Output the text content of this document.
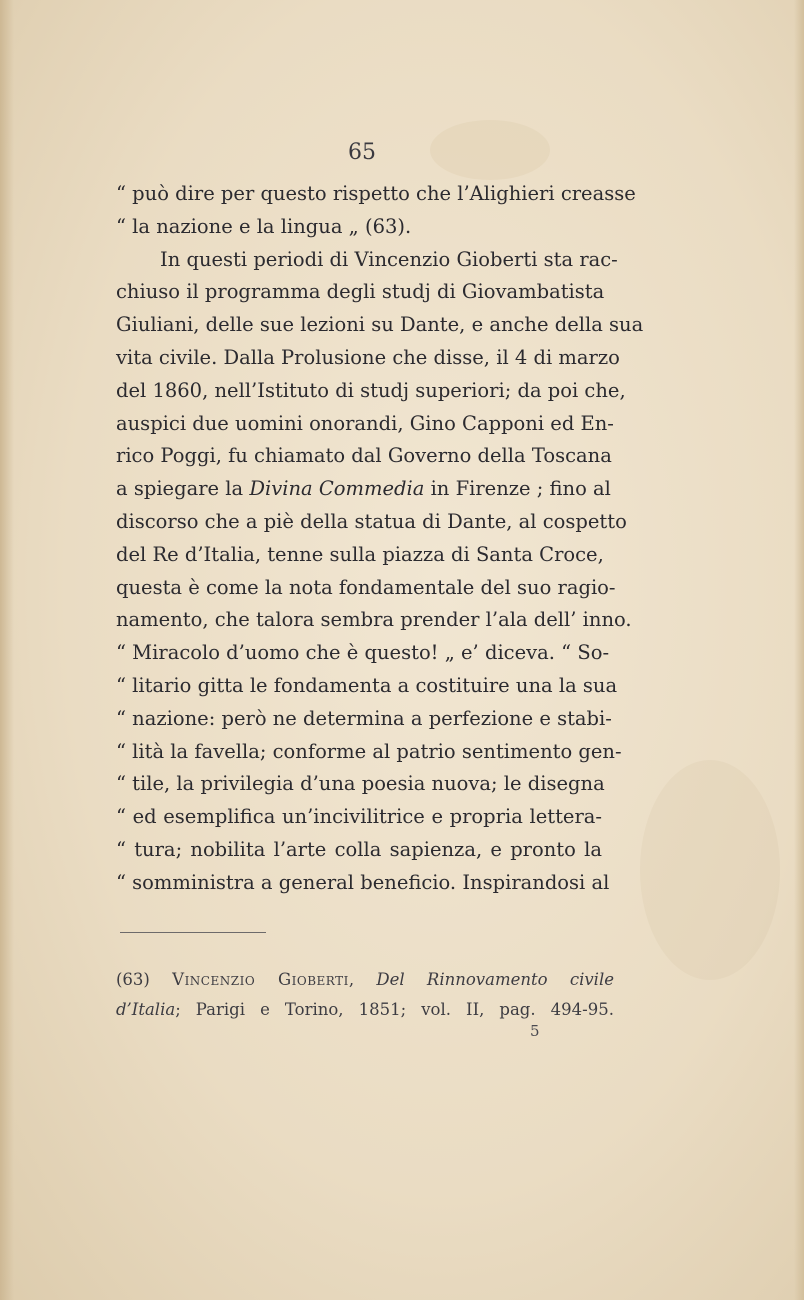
65
“ può dire per questo rispetto che l’Alighieri creasse
“ la nazione e la lingua „ (63).
In questi periodi di Vincenzio Gioberti sta rac-
chiuso il programma degli studj di Giovambatista
Giuliani, delle sue lezioni su Dante, e anche della sua
vita civile. Dalla Prolusione che disse, il 4 di marzo
del 1860, nell’Istituto di studj superiori; da poi che,
auspici due uomini onorandi, Gino Capponi ed En-
rico Poggi, fu chiamato dal Governo della Toscana
a spiegare la Divina Commedia in Firenze ; fino al
discorso che a piè della statua di Dante, al cospetto
del Re d’Italia, tenne sulla piazza di Santa Croce,
questa è come la nota fondamentale del suo ragio-
namento, che talora sembra prender l’ala dell’ inno.
“ Miracolo d’uomo che è questo! „ e’ diceva. “ So-
“ litario gitta le fondamenta a costituire una la sua
“ nazione: però ne determina a perfezione e stabi-
“ lità la favella; conforme al patrio sentimento gen-
“ tile, la privilegia d’una poesia nuova; le disegna
“ ed esemplifica un’incivilitrice e propria lettera-
“ tura; nobilita l’arte colla sapienza, e pronto la
“ somministra a general beneficio. Inspirandosi al
(63) Vincenzio Gioberti, Del Rinnovamento civile
d’Italia; Parigi e Torino, 1851; vol. II, pag. 494-95.
5
